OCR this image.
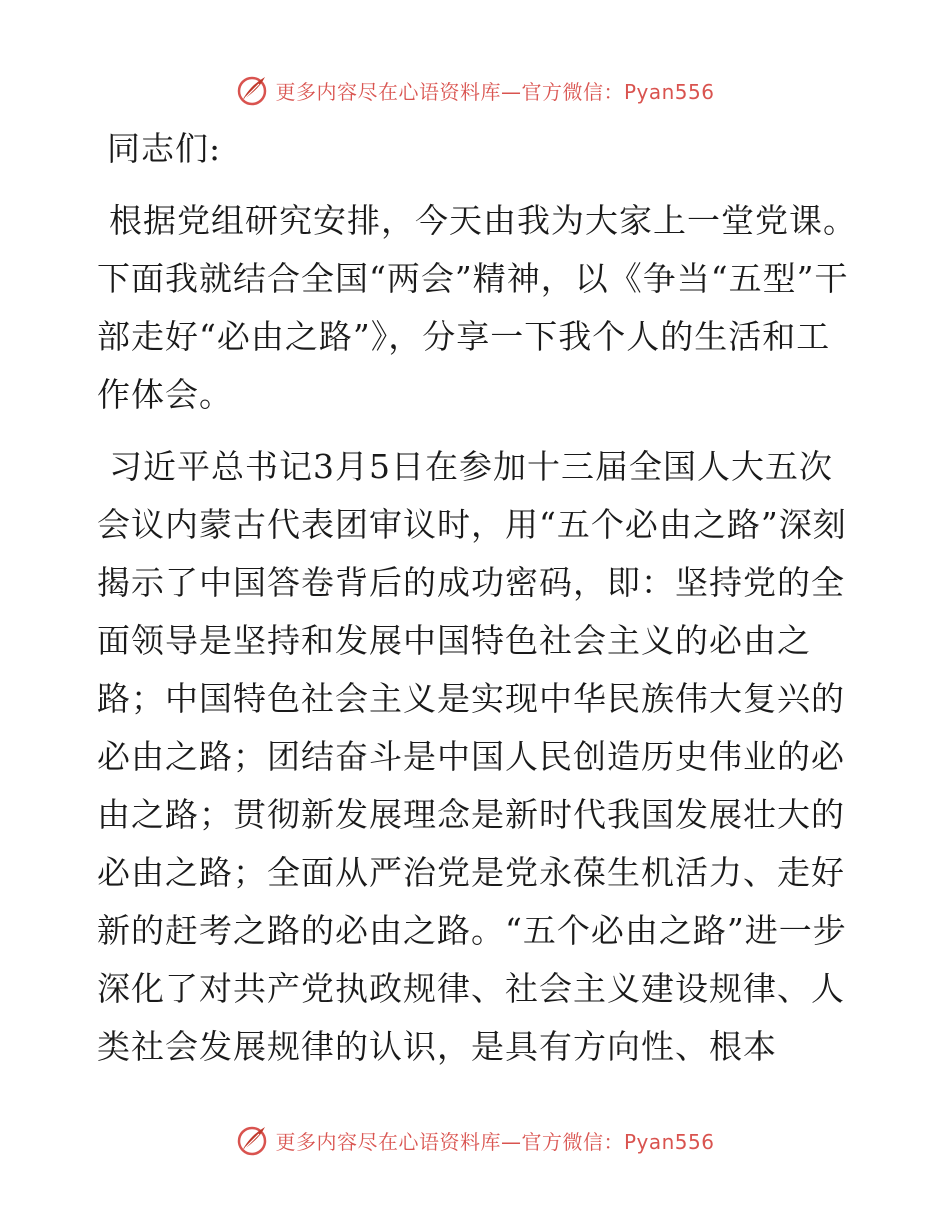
更多内容尽在心语资料库—官方微信：Pyan556

同志们:

根据党组研究安排，今天由我为大家上一堂党课。下面我就结合全国“两会”精神，以《争当“五型”干部走好“必由之路”》，分享一下我个人的生活和工作体会。

习近平总书记3月5日在参加十三届全国人大五次会议内蒙古代表团审议时，用“五个必由之路”深刻揭示了中国答卷背后的成功密码，即：坚持党的全面领导是坚持和发展中国特色社会主义的必由之路；中国特色社会主义是实现中华民族伟大复兴的必由之路；团结奋斗是中国人民创造历史伟业的必由之路；贯彻新发展理念是新时代我国发展壮大的必由之路；全面从严治党是党永葆生机活力、走好新的赶考之路的必由之路。“五个必由之路”进一步深化了对共产党执政规律、社会主义建设规律、人类社会发展规律的认识，是具有方向性、根本

更多内容尽在心语资料库—官方微信：Pyan556
